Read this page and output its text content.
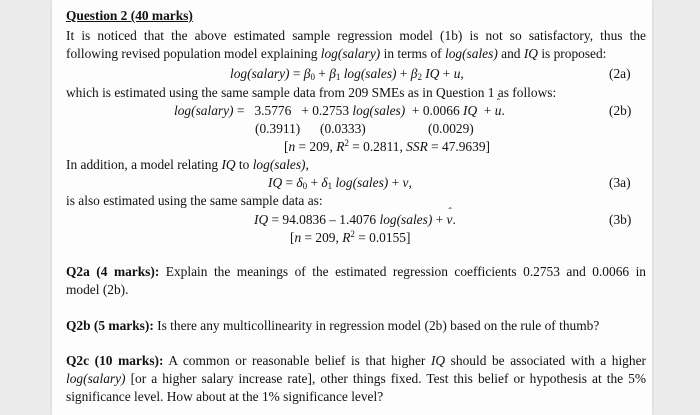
Question 2 (40 marks)
It is noticed that the above estimated sample regression model (1b) is not so satisfactory, thus the
following revised population model explaining log(salary) in terms of log(sales) and IQ is proposed:
log(salary) = $\beta_0 + \beta_1$ log(sales) + $\beta_2$ IQ + u,	(2a)
which is estimated using the same sample data from 209 SMEs as in Question 1 as follows:
log(salary) =   3.5776   + 0.2753 log(sales)  + 0.0066 IQ  + u ˆ.	(2b)
(0.3911) (0.0333)	(0.0029)
[n = 209, $R^2 = 0.2811$, SSR = 47.9639]
In addition, a model relating IQ to log(sales),
IQ = $\delta_0 + \delta_1$ log(sales) + v,	(3a)
is also estimated using the same sample data as:
IQ = 94.0836 – 1.4076 log(sales) + v ˆ.	(3b)
[n = 209, $R^2 = 0.0155$]
Q2a (4 marks): Explain the meanings of the estimated regression coefficients 0.2753 and 0.0066 in
model (2b).
Q2b (5 marks): Is there any multicollinearity in regression model (2b) based on the rule of thumb?
Q2c (10 marks): A common or reasonable belief is that higher IQ should be associated with a higher
log(salary) [or a higher salary increase rate], other things fixed. Test this belief or hypothesis at the 5%
significance level. How about at the 1% significance level?
